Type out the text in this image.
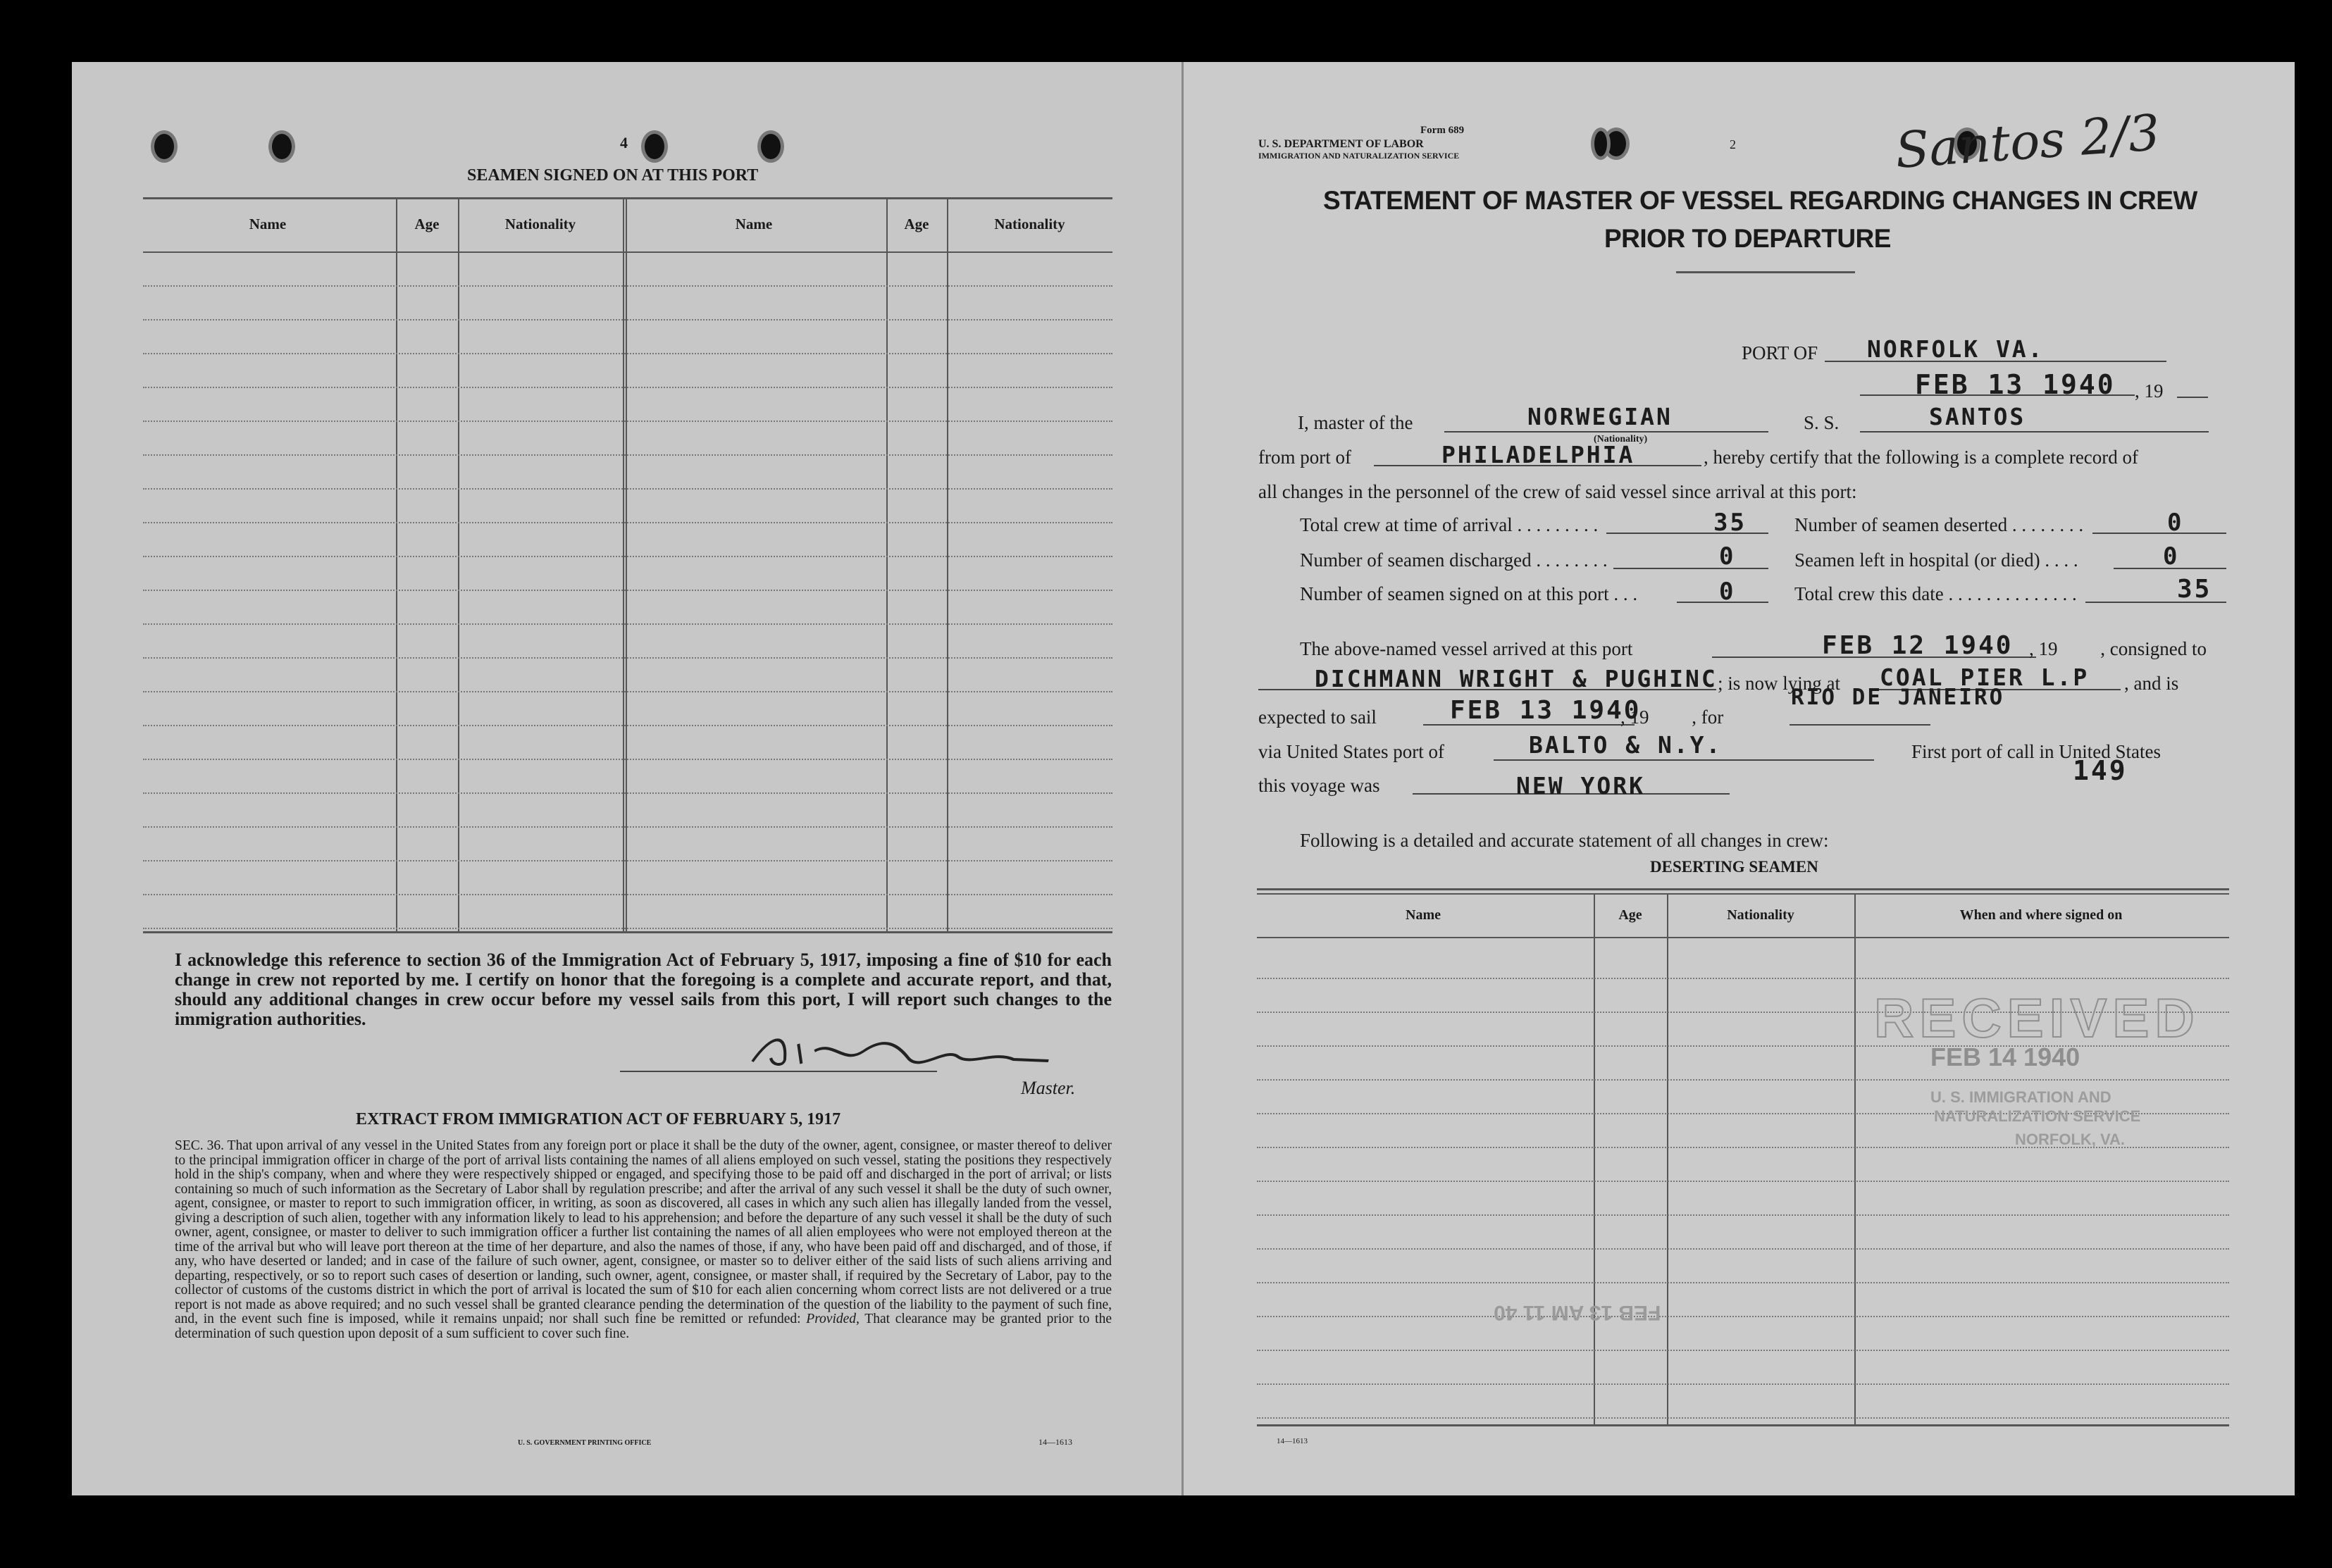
4
SEAMEN SIGNED ON AT THIS PORT
Name	Age	Nationality	Name	Age	Nationality
I acknowledge this reference to section 36 of the Immigration Act of February 5, 1917, imposing a fine of $10 for each change in crew not reported by me. I certify on honor that the foregoing is a complete and accurate report, and that, should any additional changes in crew occur before my vessel sails from this port, I will report such changes to the immigration authorities.
Master.
EXTRACT FROM IMMIGRATION ACT OF FEBRUARY 5, 1917
SEC. 36. That upon arrival of any vessel in the United States from any foreign port or place it shall be the duty of the owner, agent, consignee, or master thereof to deliver to the principal immigration officer in charge of the port of arrival lists containing the names of all aliens employed on such vessel, stating the positions they respectively hold in the ship's company, when and where they were respectively shipped or engaged, and specifying those to be paid off and discharged in the port of arrival; or lists containing so much of such information as the Secretary of Labor shall by regulation prescribe; and after the arrival of any such vessel it shall be the duty of such owner, agent, consignee, or master to report to such immigration officer, in writing, as soon as discovered, all cases in which any such alien has illegally landed from the vessel, giving a description of such alien, together with any information likely to lead to his apprehension; and before the departure of any such vessel it shall be the duty of such owner, agent, consignee, or master to deliver to such immigration officer a further list containing the names of all alien employees who were not employed thereon at the time of the arrival but who will leave port thereon at the time of her departure, and also the names of those, if any, who have been paid off and discharged, and of those, if any, who have deserted or landed; and in case of the failure of such owner, agent, consignee, or master so to deliver either of the said lists of such aliens arriving and departing, respectively, or so to report such cases of desertion or landing, such owner, agent, consignee, or master shall, if required by the Secretary of Labor, pay to the collector of customs of the customs district in which the port of arrival is located the sum of $10 for each alien concerning whom correct lists are not delivered or a true report is not made as above required; and no such vessel shall be granted clearance pending the determination of the question of the liability to the payment of such fine, and, in the event such fine is imposed, while it remains unpaid; nor shall such fine be remitted or refunded: Provided, That clearance may be granted prior to the determination of such question upon deposit of a sum sufficient to cover such fine.
U. S. GOVERNMENT PRINTING OFFICE	14—1613
Form 689
U. S. DEPARTMENT OF LABOR
IMMIGRATION AND NATURALIZATION SERVICE
2	Santos 2/3
STATEMENT OF MASTER OF VESSEL REGARDING CHANGES IN CREW
PRIOR TO DEPARTURE
PORT OF NORFOLK VA.
FEB 13 1940 , 19
I, master of the	NORWEGIAN
(Nationality)
S. S.	SANTOS
from port of	PHILADELPHIA	, hereby certify that the following is a complete record of
all changes in the personnel of the crew of said vessel since arrival at this port:
Total crew at time of arrival . . . . . . . . .	35	Number of seamen deserted . . . . . . . .	0
Number of seamen discharged . . . . . . . .	0	Seamen left in hospital (or died) . . . .	0
Number of seamen signed on at this port . . .	0	Total crew this date . . . . . . . . . . . . . .	35
The above-named vessel arrived at this port	FEB 12 1940 , 19         , consigned to
DICHMANN WRIGHT & PUGHINC ; is now lying at COAL PIER L.P , and is
RIO DE JANEIRO
expected to sail	FEB 13 1940
, 19         , for
via United States port of	BALTO & N.Y.	First port of call in United States
this voyage was	NEW YORK	149
Following is a detailed and accurate statement of all changes in crew:
DESERTING SEAMEN
Name	Age	Nationality	When and where signed on
RECEIVED
FEB 14 1940
U. S. IMMIGRATION AND
NATURALIZATION SERVICE
NORFOLK, VA.
FEB 13 AM 11 40
14—1613
